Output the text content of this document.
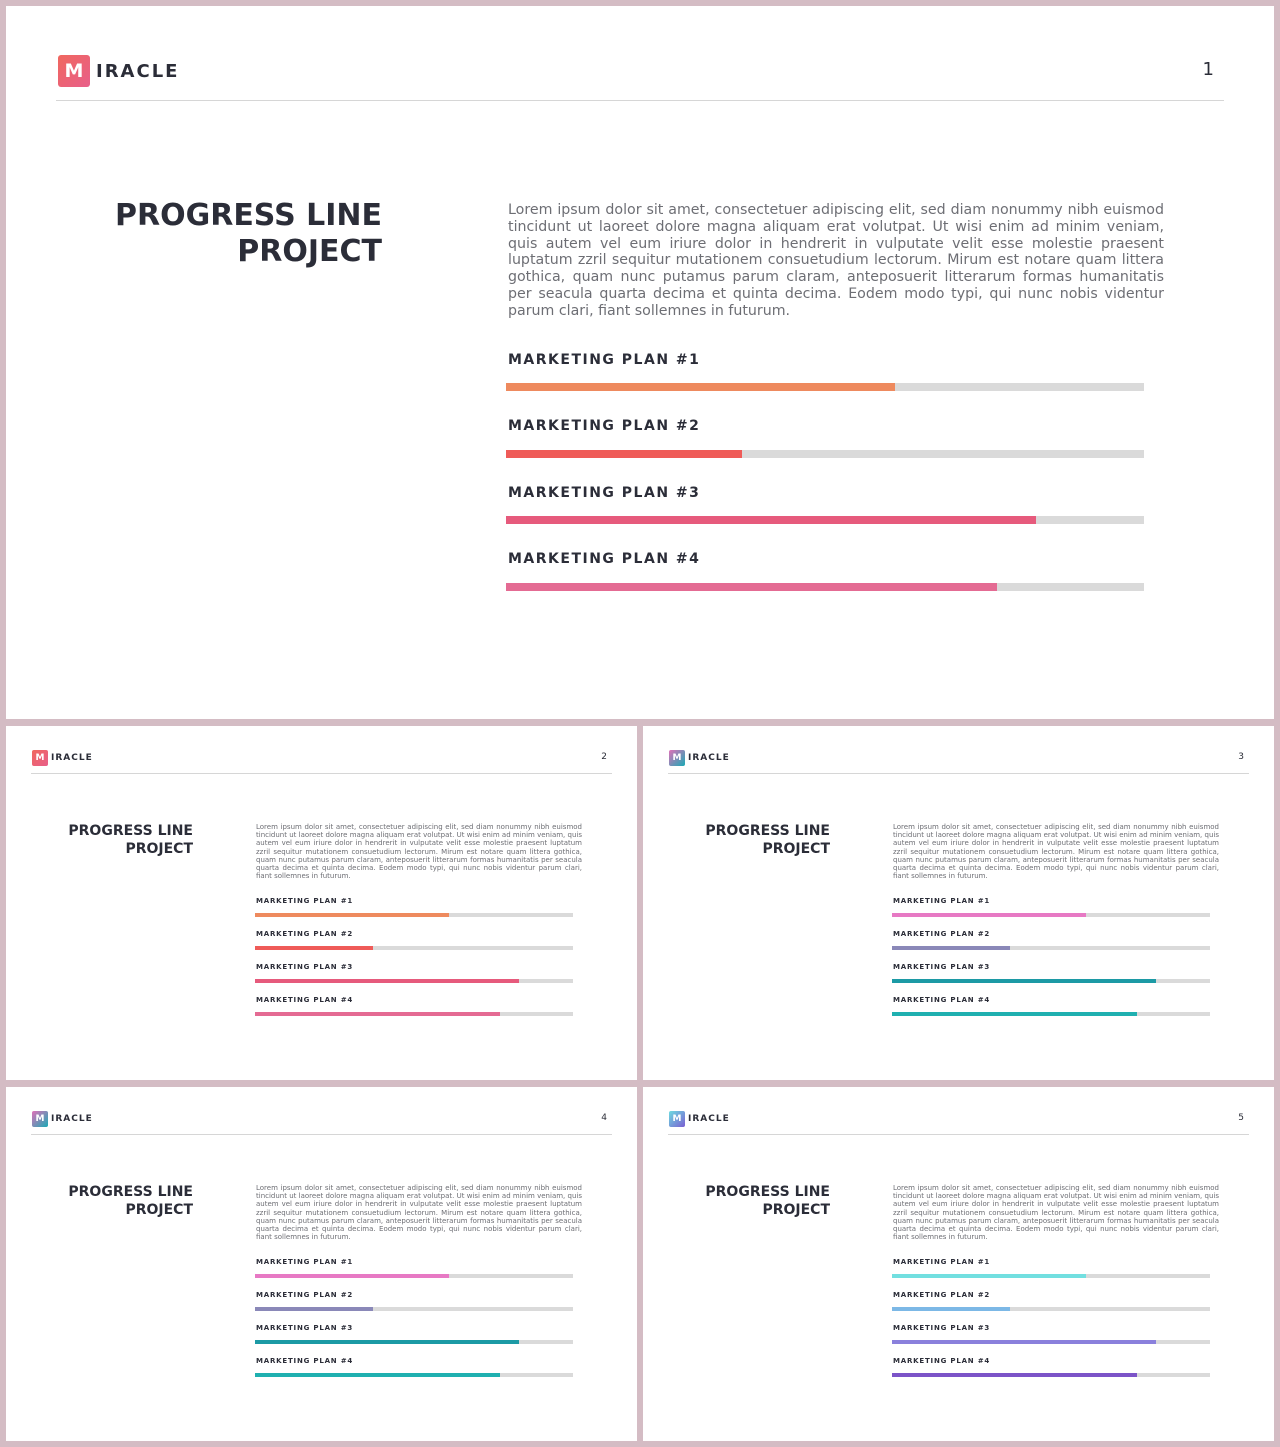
M IRACLE	1
PROGRESS LINE
PROJECT
Lorem ipsum dolor sit amet, consectetuer adipiscing elit, sed diam nonummy nibh euismod tincidunt ut laoreet dolore magna aliquam erat volutpat. Ut wisi enim ad minim veniam, quis autem vel eum iriure dolor in hendrerit in vulputate velit esse molestie praesent luptatum zzril sequitur mutationem consuetudium lectorum. Mirum est notare quam littera gothica, quam nunc putamus parum claram, anteposuerit litterarum formas humanitatis per seacula quarta decima et quinta decima. Eodem modo typi, qui nunc nobis videntur parum clari, fiant sollemnes in futurum.
MARKETING PLAN #1
MARKETING PLAN #2
MARKETING PLAN #3
MARKETING PLAN #4
M IRACLE	2
PROGRESS LINE
PROJECT
Lorem ipsum dolor sit amet, consectetuer adipiscing elit, sed diam nonummy nibh euismod tincidunt ut laoreet dolore magna aliquam erat volutpat. Ut wisi enim ad minim veniam, quis autem vel eum iriure dolor in hendrerit in vulputate velit esse molestie praesent luptatum zzril sequitur mutationem consuetudium lectorum. Mirum est notare quam littera gothica, quam nunc putamus parum claram, anteposuerit litterarum formas humanitatis per seacula quarta decima et quinta decima. Eodem modo typi, qui nunc nobis videntur parum clari, fiant sollemnes in futurum.
MARKETING PLAN #1
MARKETING PLAN #2
MARKETING PLAN #3
MARKETING PLAN #4
M IRACLE	3
PROGRESS LINE
PROJECT
Lorem ipsum dolor sit amet, consectetuer adipiscing elit, sed diam nonummy nibh euismod tincidunt ut laoreet dolore magna aliquam erat volutpat. Ut wisi enim ad minim veniam, quis autem vel eum iriure dolor in hendrerit in vulputate velit esse molestie praesent luptatum zzril sequitur mutationem consuetudium lectorum. Mirum est notare quam littera gothica, quam nunc putamus parum claram, anteposuerit litterarum formas humanitatis per seacula quarta decima et quinta decima. Eodem modo typi, qui nunc nobis videntur parum clari, fiant sollemnes in futurum.
MARKETING PLAN #1
MARKETING PLAN #2
MARKETING PLAN #3
MARKETING PLAN #4
M IRACLE	4
PROGRESS LINE
PROJECT
Lorem ipsum dolor sit amet, consectetuer adipiscing elit, sed diam nonummy nibh euismod tincidunt ut laoreet dolore magna aliquam erat volutpat. Ut wisi enim ad minim veniam, quis autem vel eum iriure dolor in hendrerit in vulputate velit esse molestie praesent luptatum zzril sequitur mutationem consuetudium lectorum. Mirum est notare quam littera gothica, quam nunc putamus parum claram, anteposuerit litterarum formas humanitatis per seacula quarta decima et quinta decima. Eodem modo typi, qui nunc nobis videntur parum clari, fiant sollemnes in futurum.
MARKETING PLAN #1
MARKETING PLAN #2
MARKETING PLAN #3
MARKETING PLAN #4
M IRACLE	5
PROGRESS LINE
PROJECT
Lorem ipsum dolor sit amet, consectetuer adipiscing elit, sed diam nonummy nibh euismod tincidunt ut laoreet dolore magna aliquam erat volutpat. Ut wisi enim ad minim veniam, quis autem vel eum iriure dolor in hendrerit in vulputate velit esse molestie praesent luptatum zzril sequitur mutationem consuetudium lectorum. Mirum est notare quam littera gothica, quam nunc putamus parum claram, anteposuerit litterarum formas humanitatis per seacula quarta decima et quinta decima. Eodem modo typi, qui nunc nobis videntur parum clari, fiant sollemnes in futurum.
MARKETING PLAN #1
MARKETING PLAN #2
MARKETING PLAN #3
MARKETING PLAN #4
